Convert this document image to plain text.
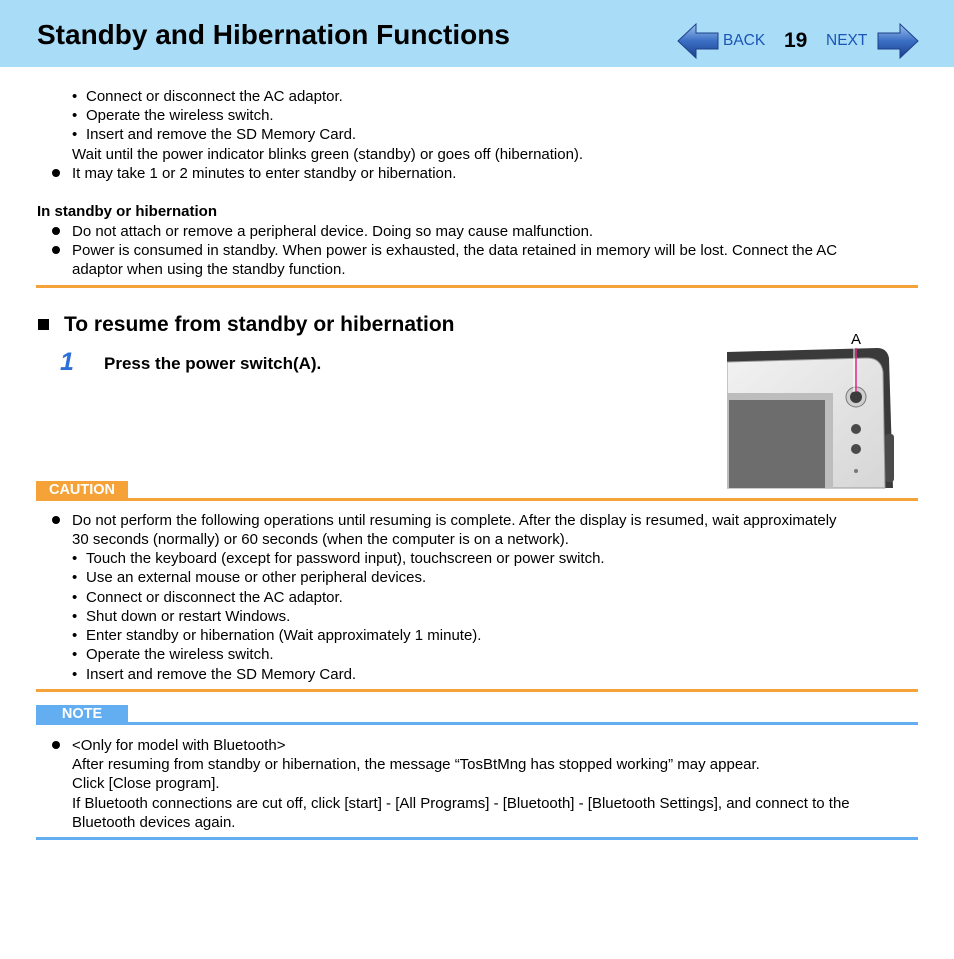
Standby and Hibernation Functions	BACK 19 NEXT
Connect or disconnect the AC adaptor.
Operate the wireless switch.
Insert and remove the SD Memory Card.
Wait until the power indicator blinks green (standby) or goes off (hibernation).
It may take 1 or 2 minutes to enter standby or hibernation.
In standby or hibernation
Do not attach or remove a peripheral device. Doing so may cause malfunction.
Power is consumed in standby. When power is exhausted, the data retained in memory will be lost. Connect the AC
adaptor when using the standby function.
To resume from standby or hibernation
1 Press the power switch(A).
A
CAUTION
Do not perform the following operations until resuming is complete. After the display is resumed, wait approximately
30 seconds (normally) or 60 seconds (when the computer is on a network).
Touch the keyboard (except for password input), touchscreen or power switch.
Use an external mouse or other peripheral devices.
Connect or disconnect the AC adaptor.
Shut down or restart Windows.
Enter standby or hibernation (Wait approximately 1 minute).
Operate the wireless switch.
Insert and remove the SD Memory Card.
NOTE
<Only for model with Bluetooth>
After resuming from standby or hibernation, the message “TosBtMng has stopped working” may appear.
Click [Close program].
If Bluetooth connections are cut off, click [start] - [All Programs] - [Bluetooth] - [Bluetooth Settings], and connect to the
Bluetooth devices again.
